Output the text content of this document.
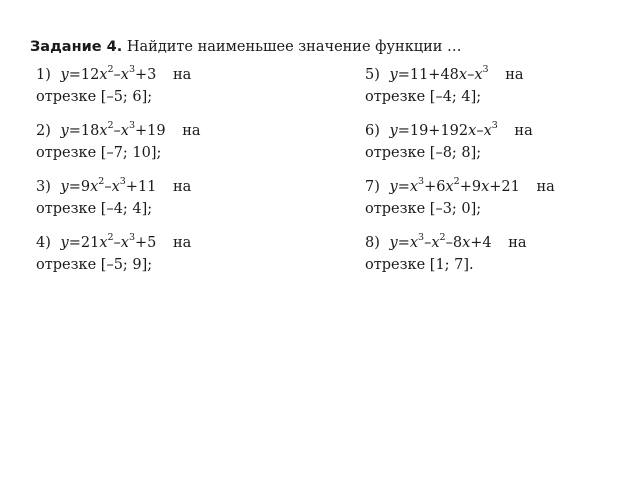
Задание 4. Найдите наименьшее значение функции …
1) $y=12x^2-x^3+3$ на
отрезке [–5; 6];
2) $y=18x^2-x^3+19$ на
отрезке [–7; 10];
3) $y=9x^2-x^3+11$ на
отрезке [–4; 4];
4) $y=21x^2-x^3+5$ на
отрезке [–5; 9];
5) $y=11+48x-x^3$ на
отрезке [–4; 4];
6) $y=19+192x-x^3$ на
отрезке [–8; 8];
7) $y=x^3+6x^2+9x+21$ на
отрезке [–3; 0];
8) $y=x^3-x^2-8x+4$ на
отрезке [1; 7].
